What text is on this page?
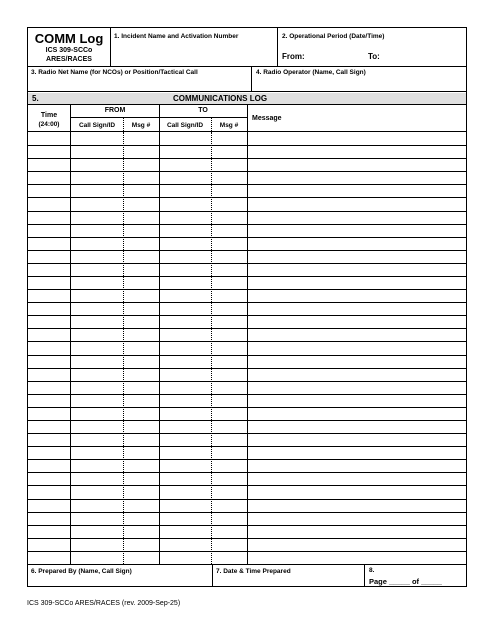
COMM Log
ICS 309-SCCo
ARES/RACES
1. Incident Name and Activation Number	2. Operational Period (Date/Time)
From:	To:
3. Radio Net Name (for NCOs) or Position/Tactical Call	4. Radio Operator (Name, Call Sign)
5.	COMMUNICATIONS LOG
Time
(24:00)
FROM	TO
Call Sign/ID	Msg #	Call Sign/ID	Msg #
Message
6. Prepared By (Name, Call Sign)	7. Date & Time Prepared	8.
Page _____ of _____
ICS 309-SCCo ARES/RACES (rev. 2009-Sep-25)
